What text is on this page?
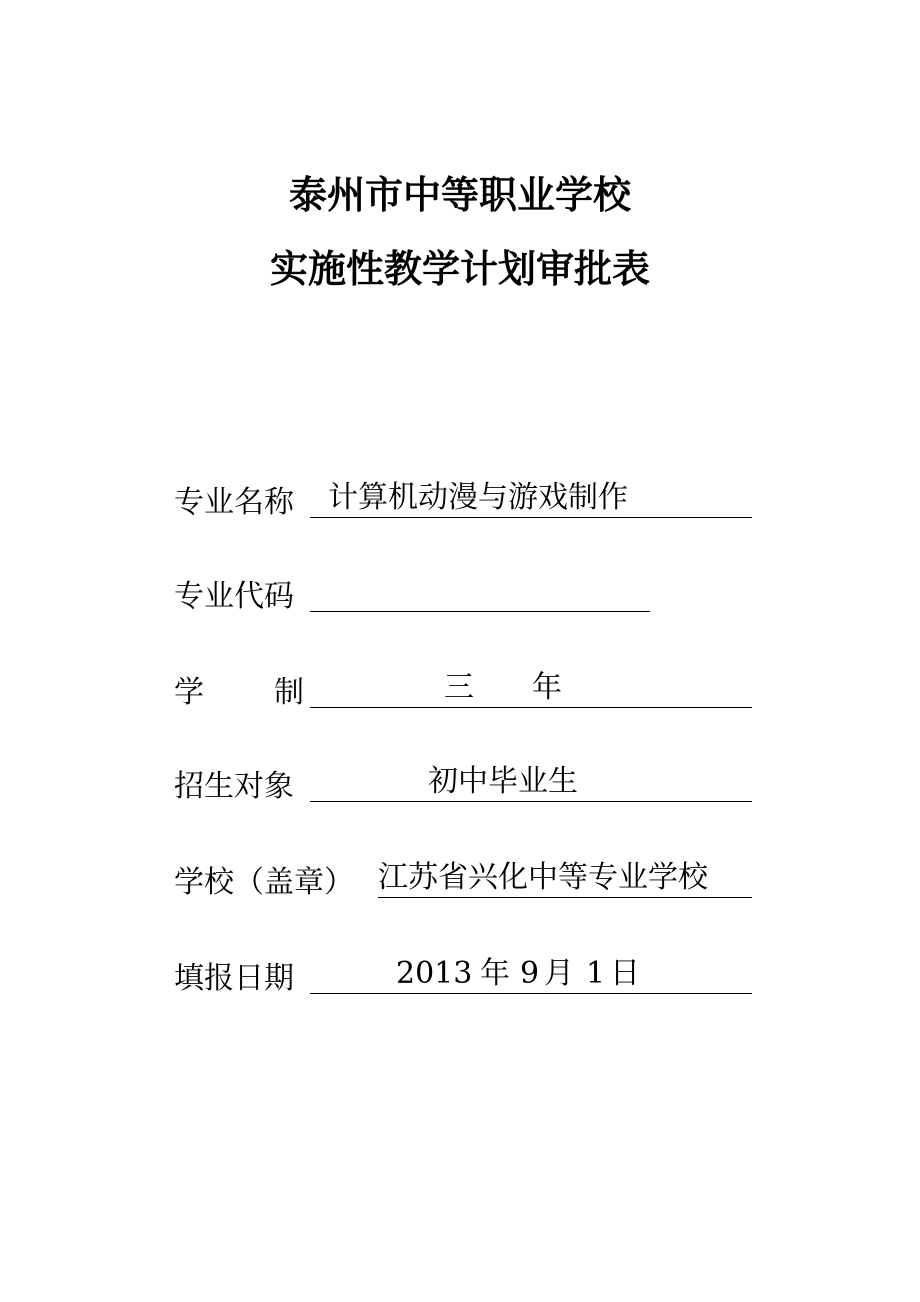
泰州市中等职业学校
实施性教学计划审批表
专业名称 计算机动漫与游戏制作
专业代码
学 制	三 年
招生对象	初中毕业生
学校（盖章） 江苏省兴化中等专业学校
填报日期	2013 年 9 月 1 日
